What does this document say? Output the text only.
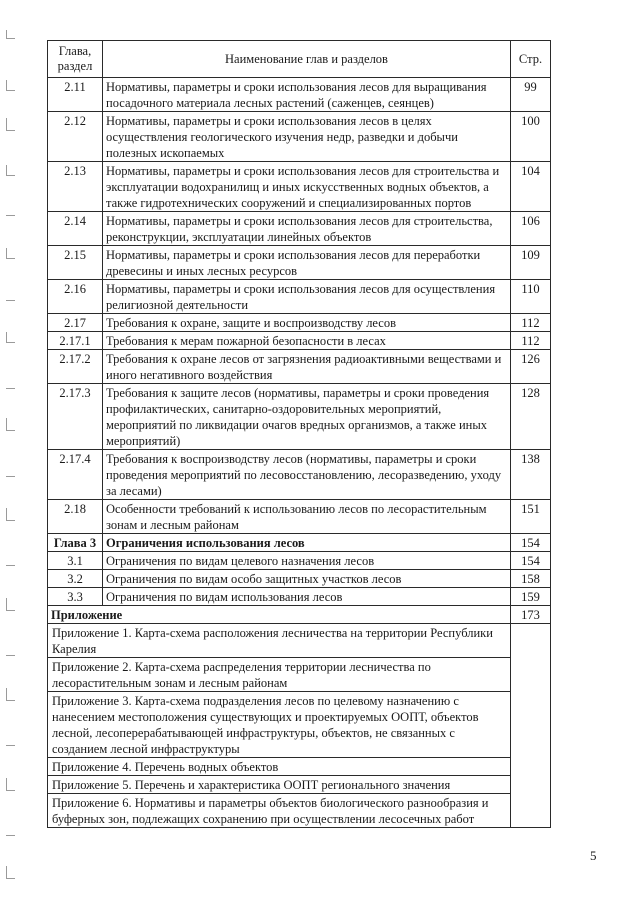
Глава, раздел	Наименование глав и разделов	Стр.
2.11	Нормативы, параметры и сроки использования лесов для выращивания посадочного материала лесных растений (саженцев, сеянцев)	99
2.12	Нормативы, параметры и сроки использования лесов в целях осуществления геологического изучения недр, разведки и добычи полезных ископаемых	100
2.13	Нормативы, параметры и сроки использования лесов для строительства и эксплуатации водохранилищ и иных искусственных водных объектов, а также гидротехнических сооружений и специализированных портов	104
2.14	Нормативы, параметры и сроки использования лесов для строительства, реконструкции, эксплуатации линейных объектов	106
2.15	Нормативы, параметры и сроки использования лесов для переработки древесины и иных лесных ресурсов	109
2.16	Нормативы, параметры и сроки использования лесов для осуществления религиозной деятельности	110
2.17	Требования к охране, защите и воспроизводству лесов	112
2.17.1	Требования к мерам пожарной безопасности в лесах	112
2.17.2	Требования к охране лесов от загрязнения радиоактивными веществами и иного негативного воздействия	126
2.17.3	Требования к защите лесов (нормативы, параметры и сроки проведения профилактических, санитарно-оздоровительных мероприятий, мероприятий по ликвидации очагов вредных организмов, а также иных мероприятий)	128
2.17.4	Требования к воспроизводству лесов (нормативы, параметры и сроки проведения мероприятий по лесовосстановлению, лесоразведению, уходу за лесами)	138
2.18	Особенности требований к использованию лесов по лесорастительным зонам и лесным районам	151
Глава 3	Ограничения использования лесов	154
3.1	Ограничения по видам целевого назначения лесов	154
3.2	Ограничения по видам особо защитных участков лесов	158
3.3	Ограничения по видам использования лесов	159
Приложение		173
Приложение 1. Карта-схема расположения лесничества на территории Республики Карелия		
Приложение 2. Карта-схема распределения территории лесничества по лесорастительным зонам и лесным районам		
Приложение 3. Карта-схема подразделения лесов по целевому назначению с нанесением местоположения существующих и проектируемых ООПТ, объектов лесной, лесоперерабатывающей инфраструктуры, объектов, не связанных с созданием лесной инфраструктуры		
Приложение 4. Перечень водных объектов		
Приложение 5. Перечень и характеристика ООПТ регионального значения		
Приложение 6. Нормативы и параметры объектов биологического разнообразия и буферных зон, подлежащих сохранению при осуществлении лесосечных работ		
5
